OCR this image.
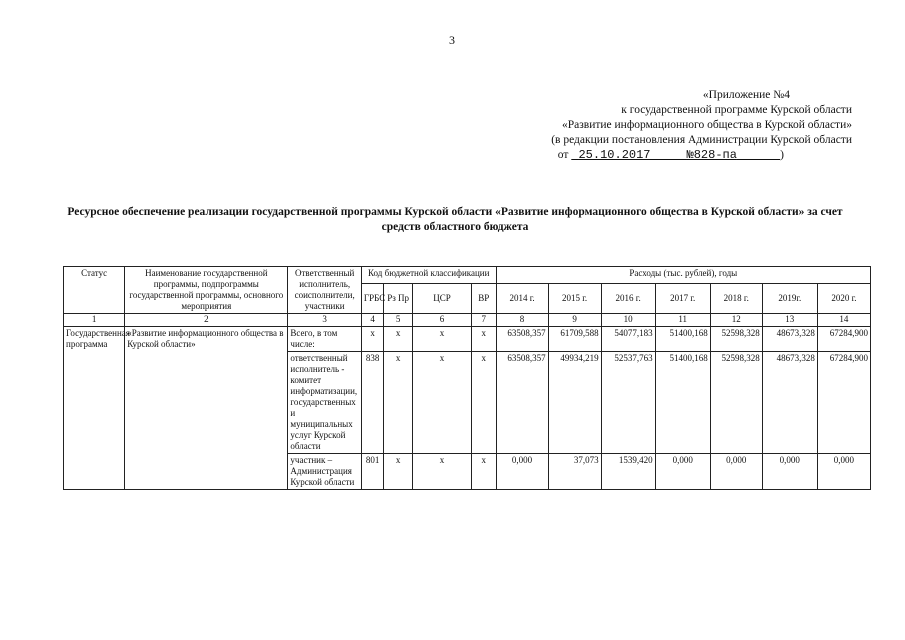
3
«Приложение №4
к государственной программе Курской области
«Развитие информационного общества в Курской области»
(в редакции постановления Администрации Курской области
от 25.10.2017	№828-па	)
Ресурсное обеспечение реализации государственной программы Курской области «Развитие информационного общества в Курской области» за счет средств областного бюджета
Статус	Наименование государственной программы, подпрограммы государственной программы, основного мероприятия	Ответственный исполнитель, соисполнители, участники	Код бюджетной классификации				Расходы (тыс. рублей), годы						
			ГРБС	Рз Пр	ЦСР	ВР	2014 г.	2015 г.	2016 г.	2017 г.	2018 г.	2019г.	2020 г.
1	2	3	4	5	6	7	8	9	10	11	12	13	14
Государственная программа	«Развитие информационного общества в Курской области»	Всего, в том числе:	x	x	x	x	63508,357	61709,588	54077,183	51400,168	52598,328	48673,328	67284,900
		ответственный исполнитель - комитет информатизации, государственных и муниципальных услуг Курской области	838	x	x	x	63508,357	49934,219	52537,763	51400,168	52598,328	48673,328	67284,900
		участник – Администрация Курской области	801	x	x	x	0,000	37,073	1539,420	0,000	0,000	0,000	0,000
